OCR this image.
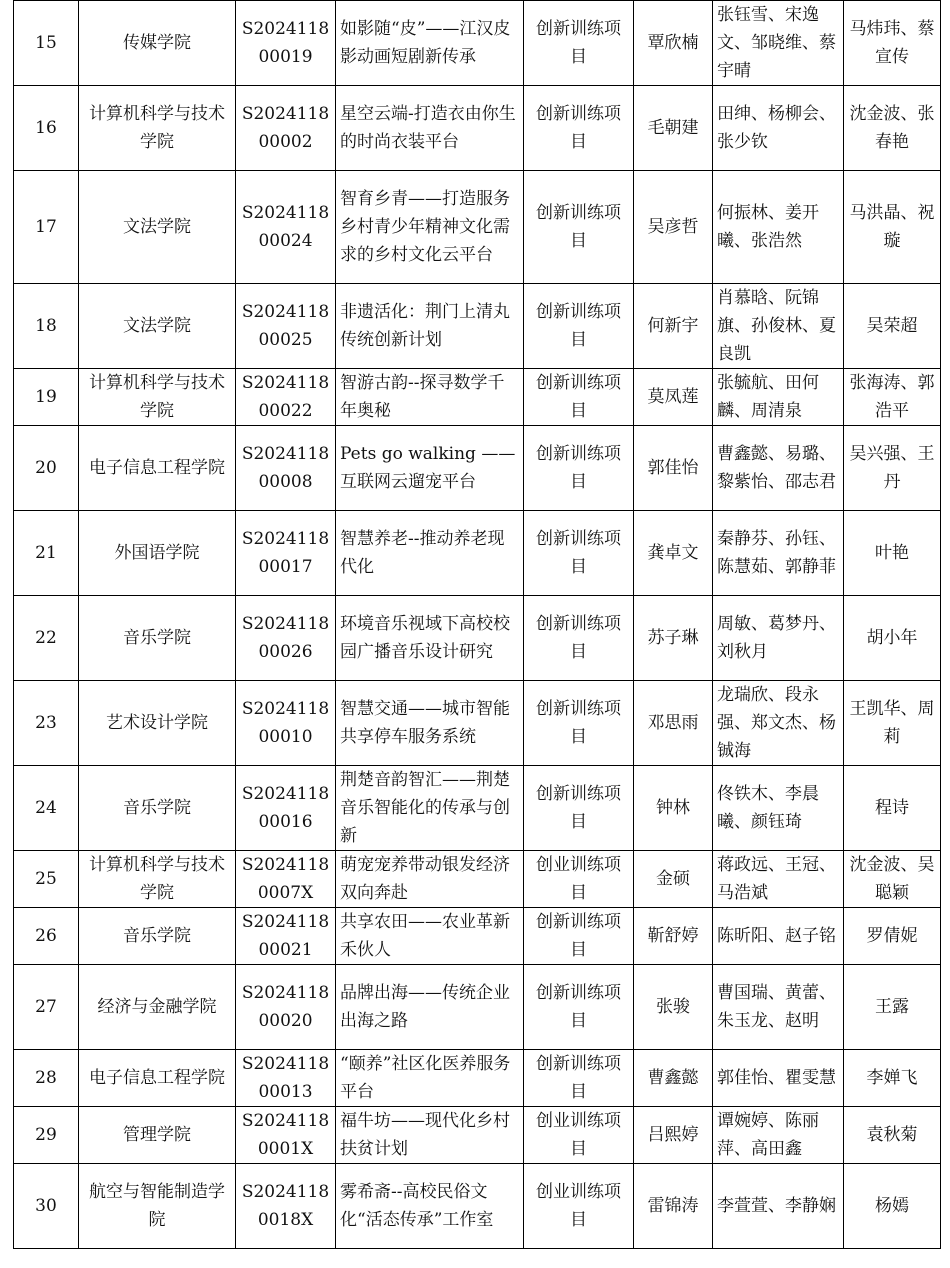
15	传媒学院	S202411800019	如影随“皮”——江汉皮影动画短剧新传承	创新训练项目	覃欣楠	张钰雪、宋逸文、邹晓维、蔡宇晴	马炜玮、蔡宣传
16	计算机科学与技术学院	S202411800002	星空云端-打造衣由你生的时尚衣装平台	创新训练项目	毛朝建	田绅、杨柳会、张少钦	沈金波、张春艳
17	文法学院	S202411800024	智育乡青——打造服务乡村青少年精神文化需求的乡村文化云平台	创新训练项目	吴彦哲	何振林、姜开曦、张浩然	马洪晶、祝璇
18	文法学院	S202411800025	非遗活化：荆门上清丸传统创新计划	创新训练项目	何新宇	肖慕晗、阮锦旗、孙俊林、夏良凯	吴荣超
19	计算机科学与技术学院	S202411800022	智游古韵--探寻数学千年奥秘	创新训练项目	莫凤莲	张毓航、田何麟、周清泉	张海涛、郭浩平
20	电子信息工程学院	S202411800008	Pets go walking —— 互联网云遛宠平台	创新训练项目	郭佳怡	曹鑫懿、易璐、黎紫怡、邵志君	吴兴强、王丹
21	外国语学院	S202411800017	智慧养老--推动养老现代化	创新训练项目	龚卓文	秦静芬、孙钰、陈慧茹、郭静菲	叶艳
22	音乐学院	S202411800026	环境音乐视域下高校校园广播音乐设计研究	创新训练项目	苏子琳	周敏、葛梦丹、刘秋月	胡小年
23	艺术设计学院	S202411800010	智慧交通——城市智能共享停车服务系统	创新训练项目	邓思雨	龙瑞欣、段永强、郑文杰、杨铖海	王凯华、周莉
24	音乐学院	S202411800016	荆楚音韵智汇——荆楚音乐智能化的传承与创新	创新训练项目	钟林	佟铁木、李晨曦、颜钰琦	程诗
25	计算机科学与技术学院	S20241180007X	萌宠宠养带动银发经济双向奔赴	创业训练项目	金硕	蒋政远、王冠、马浩斌	沈金波、吴聪颖
26	音乐学院	S202411800021	共享农田——农业革新禾伙人	创新训练项目	靳舒婷	陈昕阳、赵子铭	罗倩妮
27	经济与金融学院	S202411800020	品牌出海——传统企业出海之路	创新训练项目	张骏	曹国瑞、黄蕾、朱玉龙、赵明	王露
28	电子信息工程学院	S202411800013	“颐养”社区化医养服务平台	创新训练项目	曹鑫懿	郭佳怡、瞿雯慧	李婵飞
29	管理学院	S20241180001X	福牛坊——现代化乡村扶贫计划	创业训练项目	吕熙婷	谭婉婷、陈丽萍、高田鑫	袁秋菊
30	航空与智能制造学院	S20241180018X	雾希斋--高校民俗文化“活态传承”工作室	创业训练项目	雷锦涛	李萱萱、李静娴	杨嫣
